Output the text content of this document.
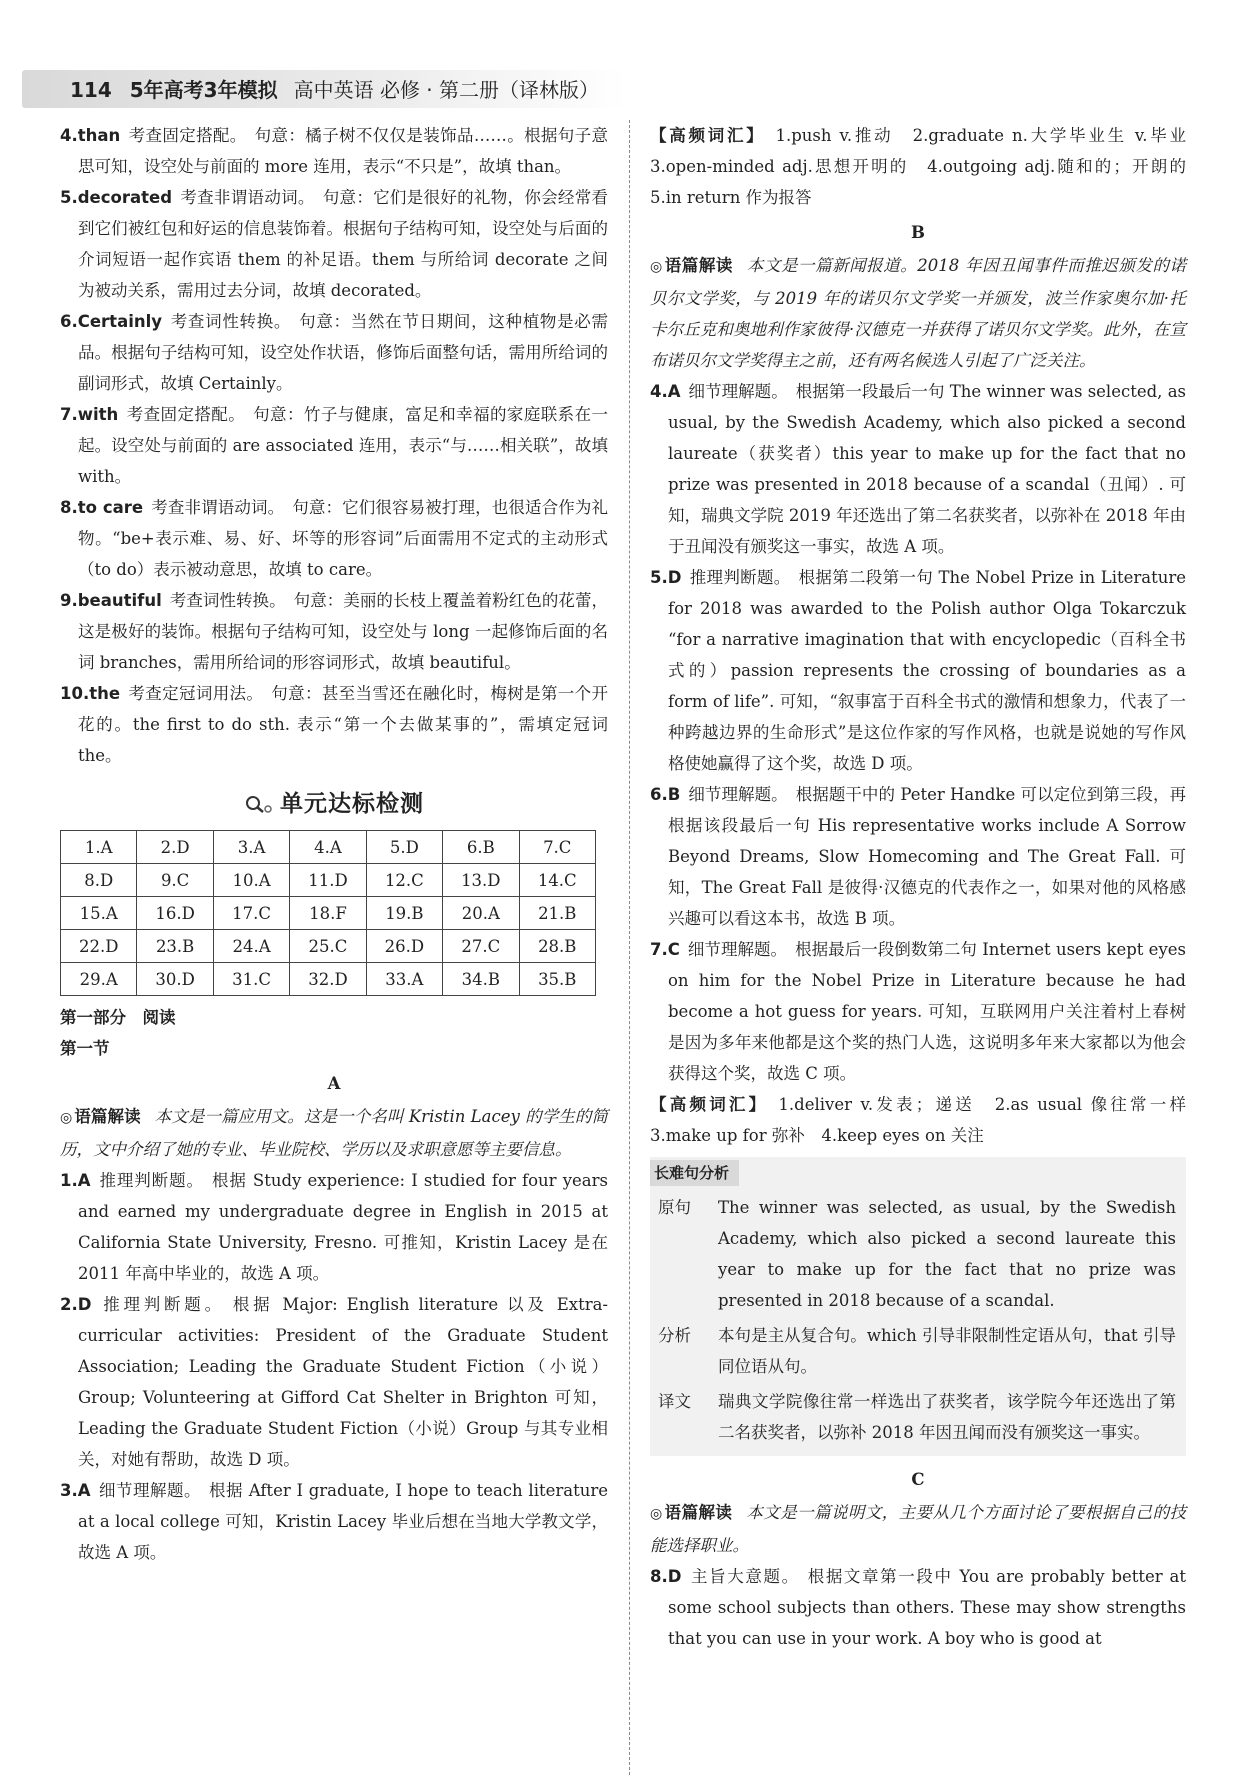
114 5年高考3年模拟 高中英语 必修 · 第二册（译林版）

4.than 考查固定搭配。 句意：橘子树不仅仅是装饰品……。根据句子意思可知，设空处与前面的 more 连用，表示“不只是”，故填 than。

5.decorated 考查非谓语动词。 句意：它们是很好的礼物，你会经常看到它们被红包和好运的信息装饰着。根据句子结构可知，设空处与后面的介词短语一起作宾语 them 的补足语。them 与所给词 decorate 之间为被动关系，需用过去分词，故填 decorated。

6.Certainly 考查词性转换。 句意：当然在节日期间，这种植物是必需品。根据句子结构可知，设空处作状语，修饰后面整句话，需用所给词的副词形式，故填 Certainly。

7.with 考查固定搭配。 句意：竹子与健康，富足和幸福的家庭联系在一起。设空处与前面的 are associated 连用，表示“与……相关联”，故填 with。

8.to care 考查非谓语动词。 句意：它们很容易被打理，也很适合作为礼物。“be+表示难、易、好、坏等的形容词”后面需用不定式的主动形式（to do）表示被动意思，故填 to care。

9.beautiful 考查词性转换。 句意：美丽的长枝上覆盖着粉红色的花蕾，这是极好的装饰。根据句子结构可知，设空处与 long 一起修饰后面的名词 branches，需用所给词的形容词形式，故填 beautiful。

10.the 考查定冠词用法。 句意：甚至当雪还在融化时，梅树是第一个开花的。the first to do sth. 表示“第一个去做某事的”，需填定冠词 the。

单元达标检测
1.A	2.D	3.A	4.A	5.D	6.B	7.C
8.D	9.C	10.A	11.D	12.C	13.D	14.C
15.A	16.D	17.C	18.F	19.B	20.A	21.B
22.D	23.B	24.A	25.C	26.D	27.C	28.B
29.A	30.D	31.C	32.D	33.A	34.B	35.B

第一部分　阅读

第一节

A

◎ 语篇解读 本文是一篇应用文。这是一个名叫 Kristin Lacey 的学生的简历，文中介绍了她的专业、毕业院校、学历以及求职意愿等主要信息。

1.A 推理判断题。 根据 Study experience: I studied for four years and earned my undergraduate degree in English in 2015 at California State University, Fresno. 可推知，Kristin Lacey 是在 2011 年高中毕业的，故选 A 项。

2.D 推理判断题。 根据 Major: English literature 以及 Extra-curricular activities: President of the Graduate Student Association; Leading the Graduate Student Fiction（小说）Group; Volunteering at Gifford Cat Shelter in Brighton 可知，Leading the Graduate Student Fiction（小说）Group 与其专业相关，对她有帮助，故选 D 项。

3.A 细节理解题。 根据 After I graduate, I hope to teach literature at a local college 可知，Kristin Lacey 毕业后想在当地大学教文学，故选 A 项。

【高频词汇】 1.push v.推动　2.graduate n.大学毕业生 v.毕业　3.open-minded adj.思想开明的　4.outgoing adj.随和的；开朗的　5.in return 作为报答

B

◎ 语篇解读 本文是一篇新闻报道。2018 年因丑闻事件而推迟颁发的诺贝尔文学奖，与 2019 年的诺贝尔文学奖一并颁发，波兰作家奥尔加·托卡尔丘克和奥地利作家彼得·汉德克一并获得了诺贝尔文学奖。此外，在宣布诺贝尔文学奖得主之前，还有两名候选人引起了广泛关注。

4.A 细节理解题。 根据第一段最后一句 The winner was selected, as usual, by the Swedish Academy, which also picked a second laureate（获奖者）this year to make up for the fact that no prize was presented in 2018 because of a scandal（丑闻）. 可知，瑞典文学院 2019 年还选出了第二名获奖者，以弥补在 2018 年由于丑闻没有颁奖这一事实，故选 A 项。

5.D 推理判断题。 根据第二段第一句 The Nobel Prize in Literature for 2018 was awarded to the Polish author Olga Tokarczuk “for a narrative imagination that with encyclopedic（百科全书式的）passion represents the crossing of boundaries as a form of life”. 可知，“叙事富于百科全书式的激情和想象力，代表了一种跨越边界的生命形式”是这位作家的写作风格，也就是说她的写作风格使她赢得了这个奖，故选 D 项。

6.B 细节理解题。 根据题干中的 Peter Handke 可以定位到第三段，再根据该段最后一句 His representative works include A Sorrow Beyond Dreams, Slow Homecoming and The Great Fall. 可知，The Great Fall 是彼得·汉德克的代表作之一，如果对他的风格感兴趣可以看这本书，故选 B 项。

7.C 细节理解题。 根据最后一段倒数第二句 Internet users kept eyes on him for the Nobel Prize in Literature because he had become a hot guess for years. 可知，互联网用户关注着村上春树是因为多年来他都是这个奖的热门人选，这说明多年来大家都以为他会获得这个奖，故选 C 项。

【高频词汇】 1.deliver v.发表；递送　2.as usual 像往常一样　3.make up for 弥补　4.keep eyes on 关注

长难句分析
原句	The winner was selected, as usual, by the Swedish Academy, which also picked a second laureate this year to make up for the fact that no prize was presented in 2018 because of a scandal.
分析	本句是主从复合句。which 引导非限制性定语从句，that 引导同位语从句。
译文	瑞典文学院像往常一样选出了获奖者，该学院今年还选出了第二名获奖者，以弥补 2018 年因丑闻而没有颁奖这一事实。

C

◎ 语篇解读 本文是一篇说明文，主要从几个方面讨论了要根据自己的技能选择职业。

8.D 主旨大意题。 根据文章第一段中 You are probably better at some school subjects than others. These may show strengths that you can use in your work. A boy who is good at
